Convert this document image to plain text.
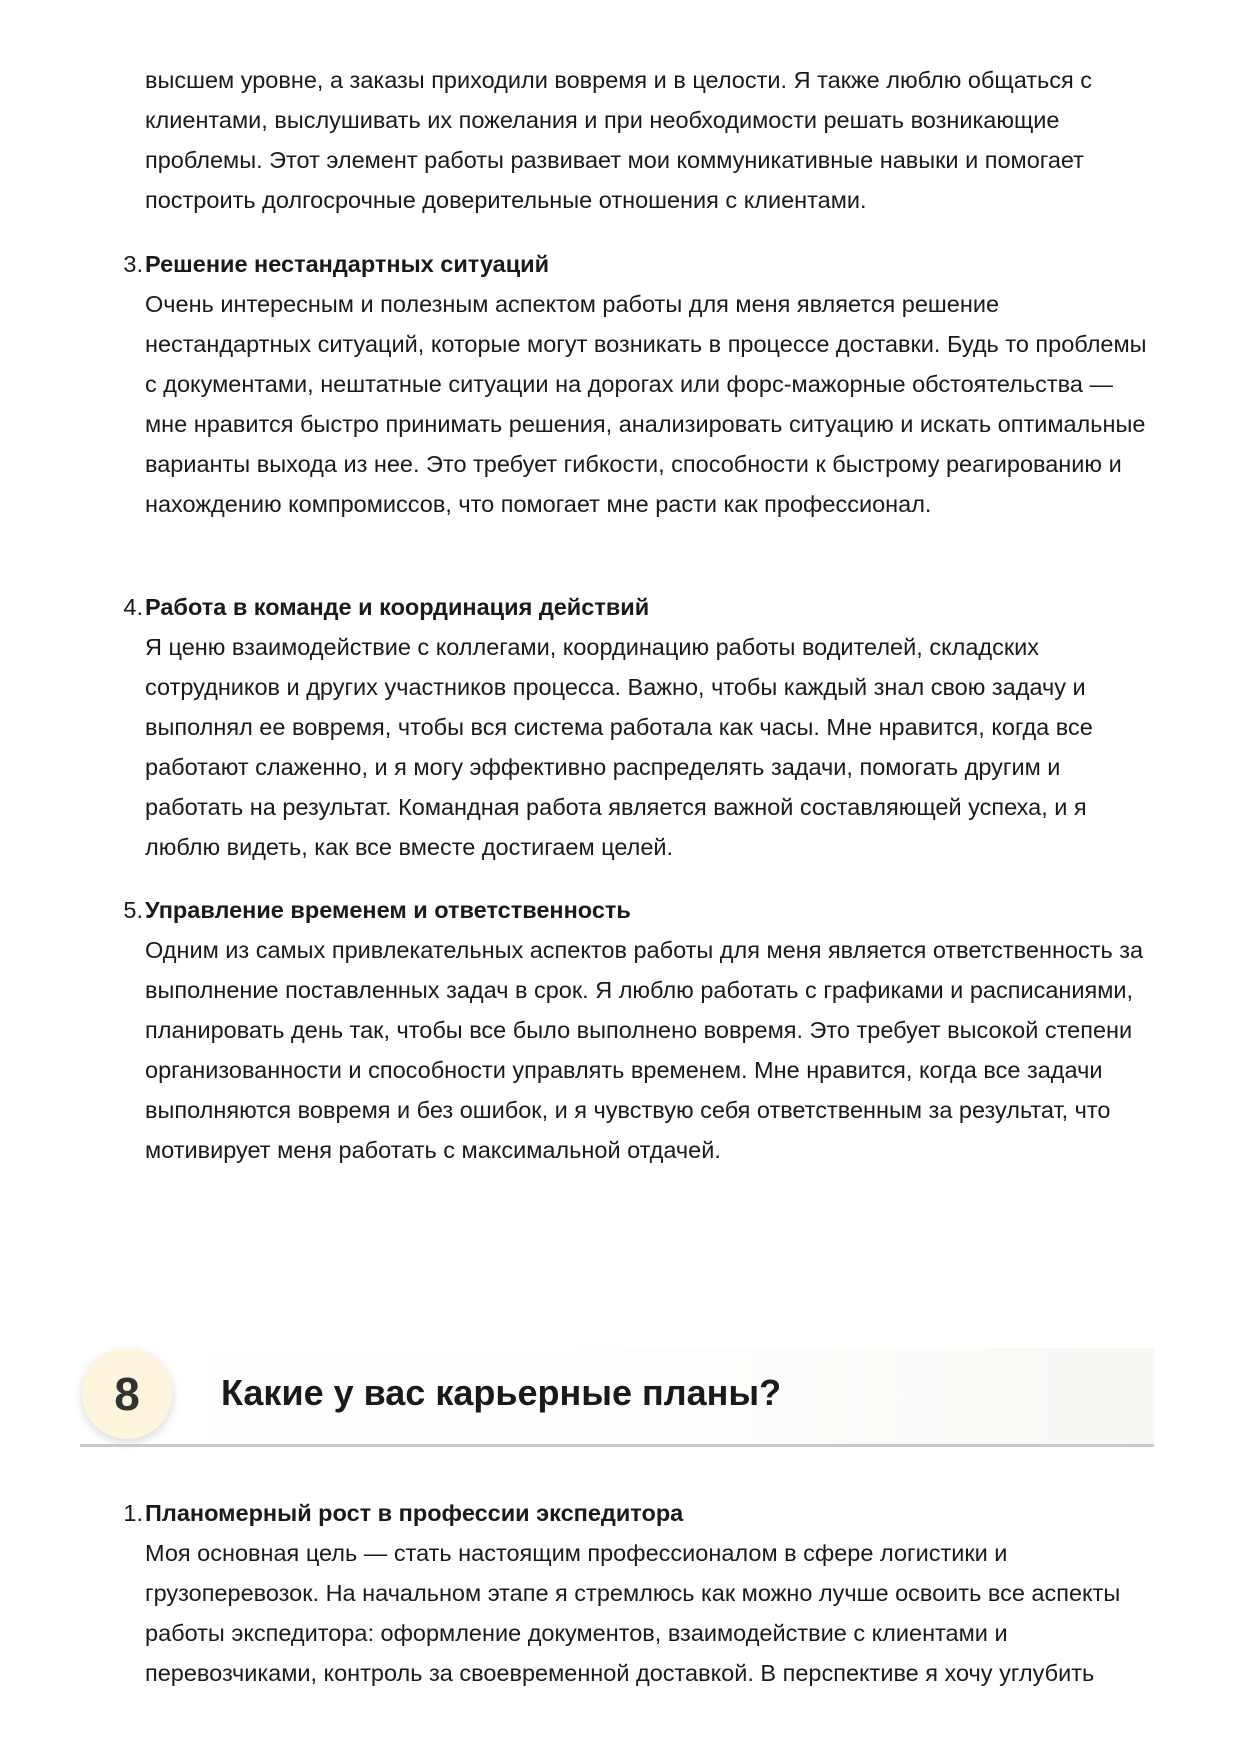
высшем уровне, а заказы приходили вовремя и в целости. Я также люблю общаться с клиентами, выслушивать их пожелания и при необходимости решать возникающие проблемы. Этот элемент работы развивает мои коммуникативные навыки и помогает построить долгосрочные доверительные отношения с клиентами.

3. Решение нестандартных ситуаций

Очень интересным и полезным аспектом работы для меня является решение нестандартных ситуаций, которые могут возникать в процессе доставки. Будь то проблемы с документами, нештатные ситуации на дорогах или форс-мажорные обстоятельства — мне нравится быстро принимать решения, анализировать ситуацию и искать оптимальные варианты выхода из нее. Это требует гибкости, способности к быстрому реагированию и нахождению компромиссов, что помогает мне расти как профессионал.

4. Работа в команде и координация действий

Я ценю взаимодействие с коллегами, координацию работы водителей, складских сотрудников и других участников процесса. Важно, чтобы каждый знал свою задачу и выполнял ее вовремя, чтобы вся система работала как часы. Мне нравится, когда все работают слаженно, и я могу эффективно распределять задачи, помогать другим и работать на результат. Командная работа является важной составляющей успеха, и я люблю видеть, как все вместе достигаем целей.

5. Управление временем и ответственность

Одним из самых привлекательных аспектов работы для меня является ответственность за выполнение поставленных задач в срок. Я люблю работать с графиками и расписаниями, планировать день так, чтобы все было выполнено вовремя. Это требует высокой степени организованности и способности управлять временем. Мне нравится, когда все задачи выполняются вовремя и без ошибок, и я чувствую себя ответственным за результат, что мотивирует меня работать с максимальной отдачей.

8	Какие у вас карьерные планы?
1. Планомерный рост в профессии экспедитора

Моя основная цель — стать настоящим профессионалом в сфере логистики и грузоперевозок. На начальном этапе я стремлюсь как можно лучше освоить все аспекты работы экспедитора: оформление документов, взаимодействие с клиентами и перевозчиками, контроль за своевременной доставкой. В перспективе я хочу углубить
